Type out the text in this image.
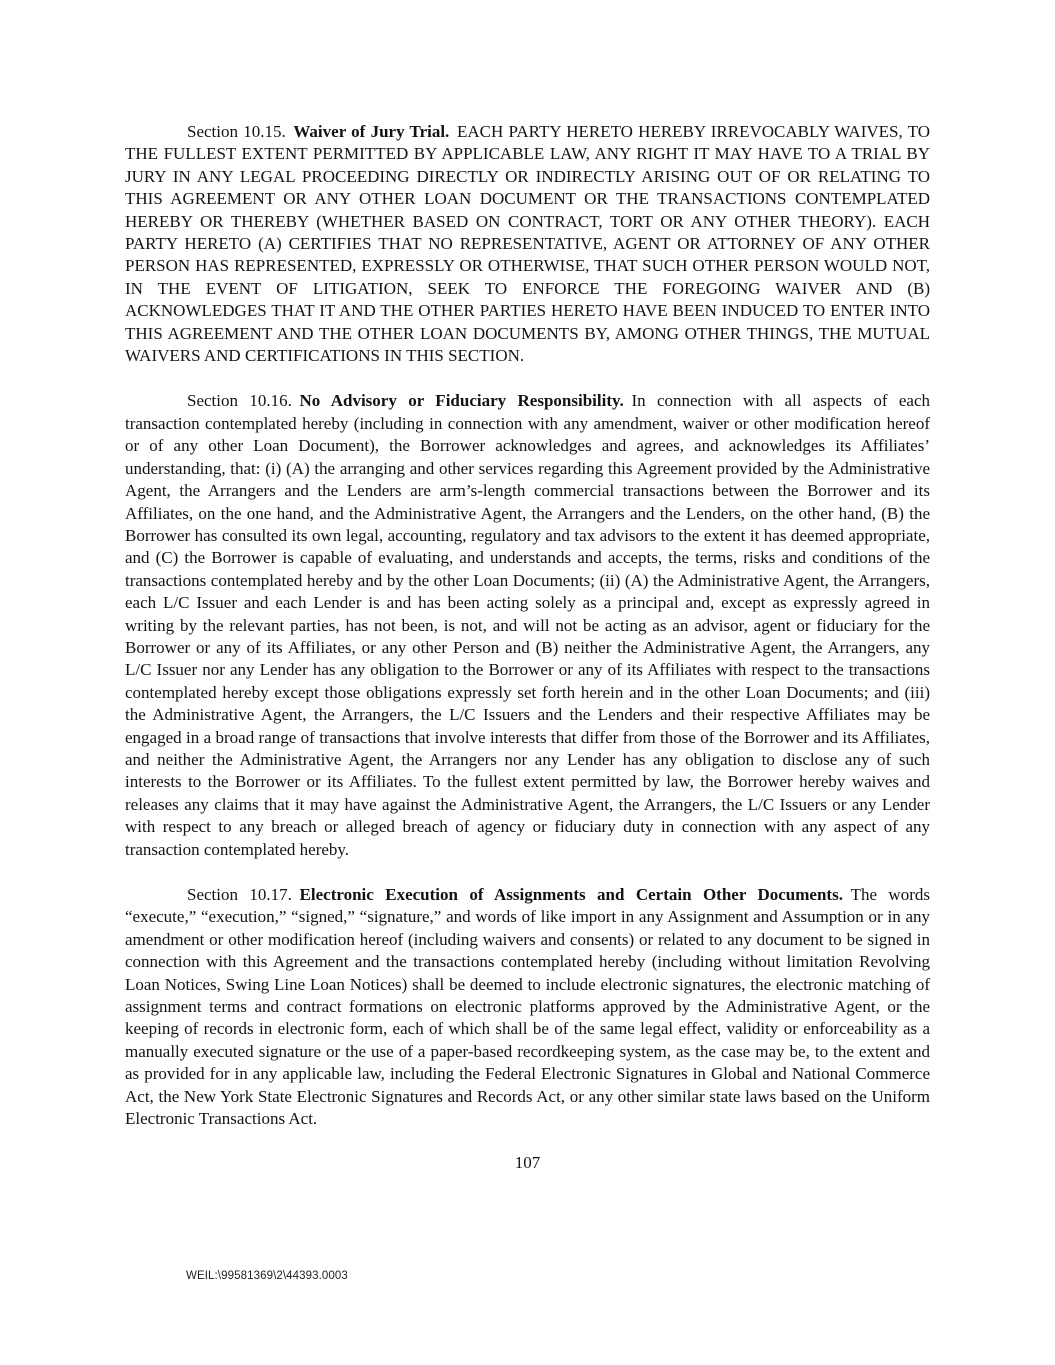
Section 10.15. Waiver of Jury Trial. EACH PARTY HERETO HEREBY IRREVOCABLY WAIVES, TO THE FULLEST EXTENT PERMITTED BY APPLICABLE LAW, ANY RIGHT IT MAY HAVE TO A TRIAL BY JURY IN ANY LEGAL PROCEEDING DIRECTLY OR INDIRECTLY ARISING OUT OF OR RELATING TO THIS AGREEMENT OR ANY OTHER LOAN DOCUMENT OR THE TRANSACTIONS CONTEMPLATED HEREBY OR THEREBY (WHETHER BASED ON CONTRACT, TORT OR ANY OTHER THEORY). EACH PARTY HERETO (A) CERTIFIES THAT NO REPRESENTATIVE, AGENT OR ATTORNEY OF ANY OTHER PERSON HAS REPRESENTED, EXPRESSLY OR OTHERWISE, THAT SUCH OTHER PERSON WOULD NOT, IN THE EVENT OF LITIGATION, SEEK TO ENFORCE THE FOREGOING WAIVER AND (B) ACKNOWLEDGES THAT IT AND THE OTHER PARTIES HERETO HAVE BEEN INDUCED TO ENTER INTO THIS AGREEMENT AND THE OTHER LOAN DOCUMENTS BY, AMONG OTHER THINGS, THE MUTUAL WAIVERS AND CERTIFICATIONS IN THIS SECTION.

Section 10.16. No Advisory or Fiduciary Responsibility. In connection with all aspects of each transaction contemplated hereby (including in connection with any amendment, waiver or other modification hereof or of any other Loan Document), the Borrower acknowledges and agrees, and acknowledges its Affiliates’ understanding, that: (i) (A) the arranging and other services regarding this Agreement provided by the Administrative Agent, the Arrangers and the Lenders are arm’s-length commercial transactions between the Borrower and its Affiliates, on the one hand, and the Administrative Agent, the Arrangers and the Lenders, on the other hand, (B) the Borrower has consulted its own legal, accounting, regulatory and tax advisors to the extent it has deemed appropriate, and (C) the Borrower is capable of evaluating, and understands and accepts, the terms, risks and conditions of the transactions contemplated hereby and by the other Loan Documents; (ii) (A) the Administrative Agent, the Arrangers, each L/C Issuer and each Lender is and has been acting solely as a principal and, except as expressly agreed in writing by the relevant parties, has not been, is not, and will not be acting as an advisor, agent or fiduciary for the Borrower or any of its Affiliates, or any other Person and (B) neither the Administrative Agent, the Arrangers, any L/C Issuer nor any Lender has any obligation to the Borrower or any of its Affiliates with respect to the transactions contemplated hereby except those obligations expressly set forth herein and in the other Loan Documents; and (iii) the Administrative Agent, the Arrangers, the L/C Issuers and the Lenders and their respective Affiliates may be engaged in a broad range of transactions that involve interests that differ from those of the Borrower and its Affiliates, and neither the Administrative Agent, the Arrangers nor any Lender has any obligation to disclose any of such interests to the Borrower or its Affiliates. To the fullest extent permitted by law, the Borrower hereby waives and releases any claims that it may have against the Administrative Agent, the Arrangers, the L/C Issuers or any Lender with respect to any breach or alleged breach of agency or fiduciary duty in connection with any aspect of any transaction contemplated hereby.

Section 10.17. Electronic Execution of Assignments and Certain Other Documents. The words “execute,” “execution,” “signed,” “signature,” and words of like import in any Assignment and Assumption or in any amendment or other modification hereof (including waivers and consents) or related to any document to be signed in connection with this Agreement and the transactions contemplated hereby (including without limitation Revolving Loan Notices, Swing Line Loan Notices) shall be deemed to include electronic signatures, the electronic matching of assignment terms and contract formations on electronic platforms approved by the Administrative Agent, or the keeping of records in electronic form, each of which shall be of the same legal effect, validity or enforceability as a manually executed signature or the use of a paper-based recordkeeping system, as the case may be, to the extent and as provided for in any applicable law, including the Federal Electronic Signatures in Global and National Commerce Act, the New York State Electronic Signatures and Records Act, or any other similar state laws based on the Uniform Electronic Transactions Act.

107
WEIL:\99581369\2\44393.0003
